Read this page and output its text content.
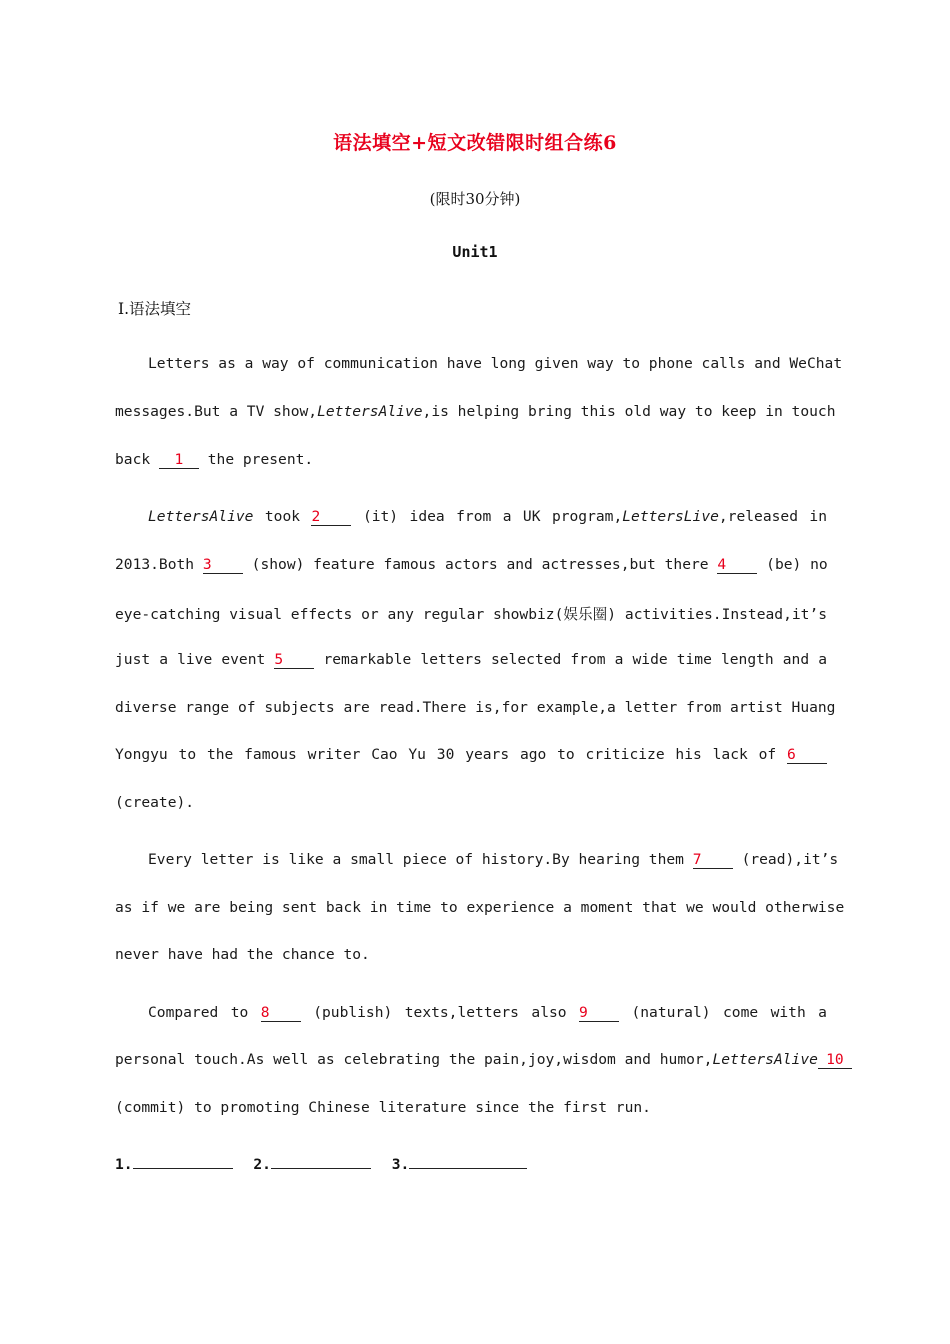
语法填空+短文改错限时组合练6
(限时30分钟)
Unit1
Ⅰ.语法填空
Letters as a way of communication have long given way to phone calls and WeChat
messages.But a TV show,LettersAlive,is helping bring this old way to keep in touch
back 1 the present.
LettersAlive took 2	(it) idea from a UK program,LettersLive,released in
2013.Both 3	(show) feature famous actors and actresses,but there 4	(be) no
eye-catching visual effects or any regular showbiz(娱乐圈) activities.Instead,it’s
just a live event 5	remarkable letters selected from a wide time length and a
diverse range of subjects are read.There is,for example,a letter from artist Huang
Yongyu to the famous writer Cao Yu 30 years ago to criticize his lack of 6
(create).
Every letter is like a small piece of history.By hearing them 7	(read),it’s
as if we are being sent back in time to experience a moment that we would otherwise
never have had the chance to.
Compared to 8	(publish) texts,letters also 9	(natural) come with a
personal touch.As well as celebrating the pain,joy,wisdom and humor,LettersAlive 10
(commit) to promoting Chinese literature since the first run.
1.	2.	3.
